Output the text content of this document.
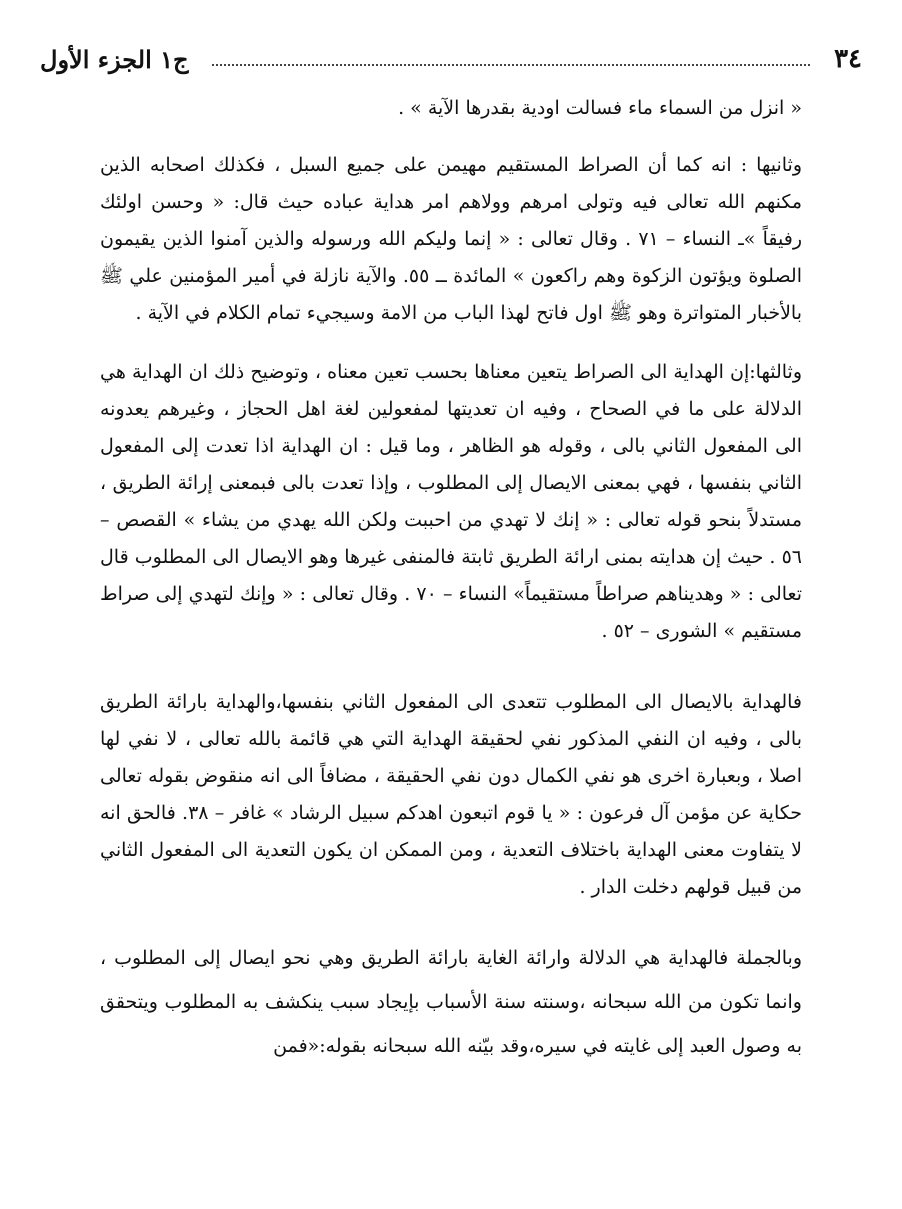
٣٤
ج١ الجزء الأول

« انزل من السماء ماء فسالت اودية بقدرها الآية » .

وثانيها : انه كما أن الصراط المستقيم مهيمن على جميع السبل ، فكذلك اصحابه الذين مكنهم الله تعالى فيه وتولى امرهم وولاهم امر هداية عباده حيث قال: « وحسن اولئك رفيقاً »ـ النساء – ٧١ . وقال تعالى : « إنما وليكم الله ورسوله والذين آمنوا الذين يقيمون الصلوة ويؤتون الزكوة وهم راكعون » المائدة ــ ٥٥. والآية نازلة في أمير المؤمنين علي ﷺ بالأخبار المتواترة وهو ﷺ اول فاتح لهذا الباب من الامة وسيجيء تمام الكلام في الآية .

وثالثها:إن الهداية الى الصراط يتعين معناها بحسب تعين معناه ، وتوضيح ذلك ان الهداية هي الدلالة على ما في الصحاح ، وفيه ان تعديتها لمفعولين لغة اهل الحجاز ، وغيرهم يعدونه الى المفعول الثاني بالى ، وقوله هو الظاهر ، وما قيل : ان الهداية اذا تعدت إلى المفعول الثاني بنفسها ، فهي بمعنى الايصال إلى المطلوب ، وإذا تعدت بالى فبمعنى إرائة الطريق ، مستدلاً بنحو قوله تعالى : « إنك لا تهدي من احببت ولكن الله يهدي من يشاء » القصص – ٥٦ . حيث إن هدايته بمنى ارائة الطريق ثابتة فالمنفى غيرها وهو الايصال الى المطلوب قال تعالى : « وهديناهم صراطاً مستقيماً» النساء – ٧٠ . وقال تعالى : « وإنك لتهدي إلى صراط مستقيم » الشورى – ٥٢ .

فالهداية بالايصال الى المطلوب تتعدى الى المفعول الثاني بنفسها،والهداية بارائة الطريق بالى ، وفيه ان النفي المذكور نفي لحقيقة الهداية التي هي قائمة بالله تعالى ، لا نفي لها اصلا ، وبعبارة اخرى هو نفي الكمال دون نفي الحقيقة ، مضافاً الى انه منقوض بقوله تعالى حكاية عن مؤمن آل فرعون : « يا قوم اتبعون اهدكم سبيل الرشاد » غافر – ٣٨. فالحق انه لا يتفاوت معنى الهداية باختلاف التعدية ، ومن الممكن ان يكون التعدية الى المفعول الثاني من قبيل قولهم دخلت الدار .

وبالجملة فالهداية هي الدلالة وارائة الغاية بارائة الطريق وهي نحو ايصال إلى المطلوب ، وانما تكون من الله سبحانه ،وسنته سنة الأسباب بإيجاد سبب ينكشف به المطلوب ويتحقق به وصول العبد إلى غايته في سيره،وقد بيّنه الله سبحانه بقوله:«فمن
